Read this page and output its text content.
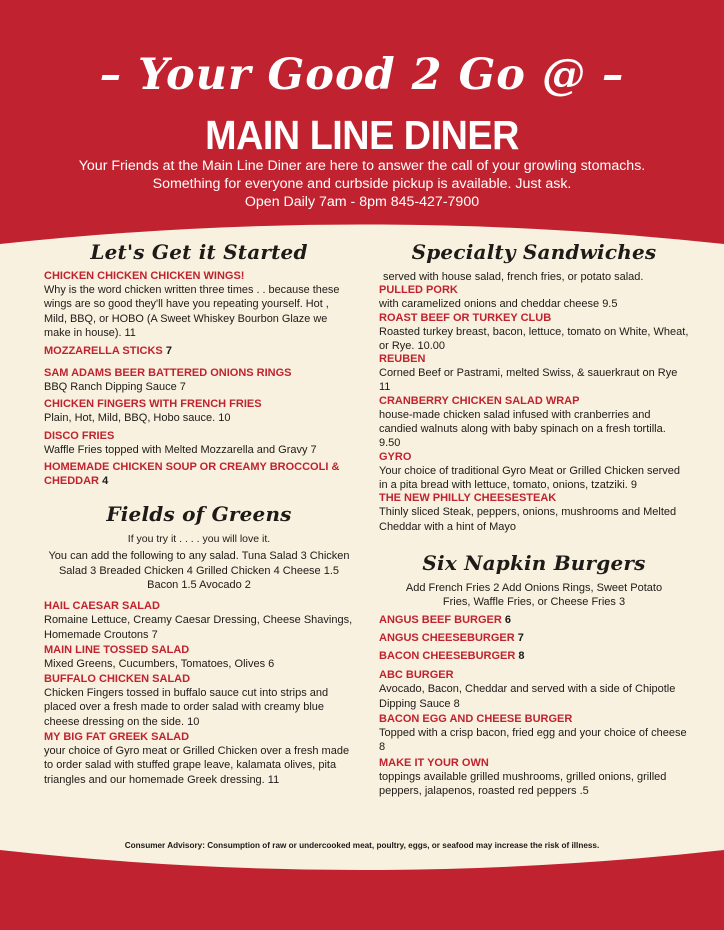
– Your Good 2 Go @ –
MAIN LINE DINER
Your Friends at the Main Line Diner are here to answer the call of your growling stomachs.
Something for everyone and curbside pickup is available. Just ask.
Open Daily 7am - 8pm 845-427-7900
Let's Get it Started
CHICKEN CHICKEN CHICKEN WINGS!
Why is the word chicken written three times . . because these wings are so good they'll have you repeating yourself. Hot , Mild, BBQ, or HOBO (A Sweet Whiskey Bourbon Glaze we make in house). 11
MOZZARELLA STICKS 7
SAM ADAMS BEER BATTERED ONIONS RINGS
BBQ Ranch Dipping Sauce 7
CHICKEN FINGERS WITH FRENCH FRIES
Plain, Hot, Mild, BBQ, Hobo sauce. 10
DISCO FRIES
Waffle Fries topped with Melted Mozzarella and Gravy 7
HOMEMADE CHICKEN SOUP OR CREAMY BROCCOLI & CHEDDAR 4
Fields of Greens
If you try it . . . . you will love it.
You can add the following to any salad. Tuna Salad 3 Chicken Salad 3 Breaded Chicken 4 Grilled Chicken 4 Cheese 1.5 Bacon 1.5 Avocado 2
HAIL CAESAR SALAD
Romaine Lettuce, Creamy Caesar Dressing, Cheese Shavings, Homemade Croutons 7
MAIN LINE TOSSED SALAD
Mixed Greens, Cucumbers, Tomatoes, Olives 6
BUFFALO CHICKEN SALAD
Chicken Fingers tossed in buffalo sauce cut into strips and placed over a fresh made to order salad with creamy blue cheese dressing on the side. 10
MY BIG FAT GREEK SALAD
your choice of Gyro meat or Grilled Chicken over a fresh made to order salad with stuffed grape leave, kalamata olives, pita triangles and our homemade Greek dressing. 11
Specialty Sandwiches
served with house salad, french fries, or potato salad.
PULLED PORK
with caramelized onions and cheddar cheese 9.5
ROAST BEEF OR TURKEY CLUB
Roasted turkey breast, bacon, lettuce, tomato on White, Wheat, or Rye. 10.00
REUBEN
Corned Beef or Pastrami, melted Swiss, & sauerkraut on Rye 11
CRANBERRY CHICKEN SALAD WRAP
house-made chicken salad infused with cranberries and candied walnuts along with baby spinach on a fresh tortilla. 9.50
GYRO
Your choice of traditional Gyro Meat or Grilled Chicken served in a pita bread with lettuce, tomato, onions, tzatziki. 9
THE NEW PHILLY CHEESESTEAK
Thinly sliced Steak, peppers, onions, mushrooms and Melted Cheddar with a hint of Mayo
Six Napkin Burgers
Add French Fries 2 Add Onions Rings, Sweet Potato Fries, Waffle Fries, or Cheese Fries 3
ANGUS BEEF BURGER 6
ANGUS CHEESEBURGER 7
BACON CHEESEBURGER 8
ABC BURGER
Avocado, Bacon, Cheddar and served with a side of Chipotle Dipping Sauce 8
BACON EGG AND CHEESE BURGER
Topped with a crisp bacon, fried egg and your choice of cheese 8
MAKE IT YOUR OWN
toppings available grilled mushrooms, grilled onions, grilled peppers, jalapenos, roasted red peppers .5
Consumer Advisory: Consumption of raw or undercooked meat, poultry, eggs, or seafood may increase the risk of illness.
